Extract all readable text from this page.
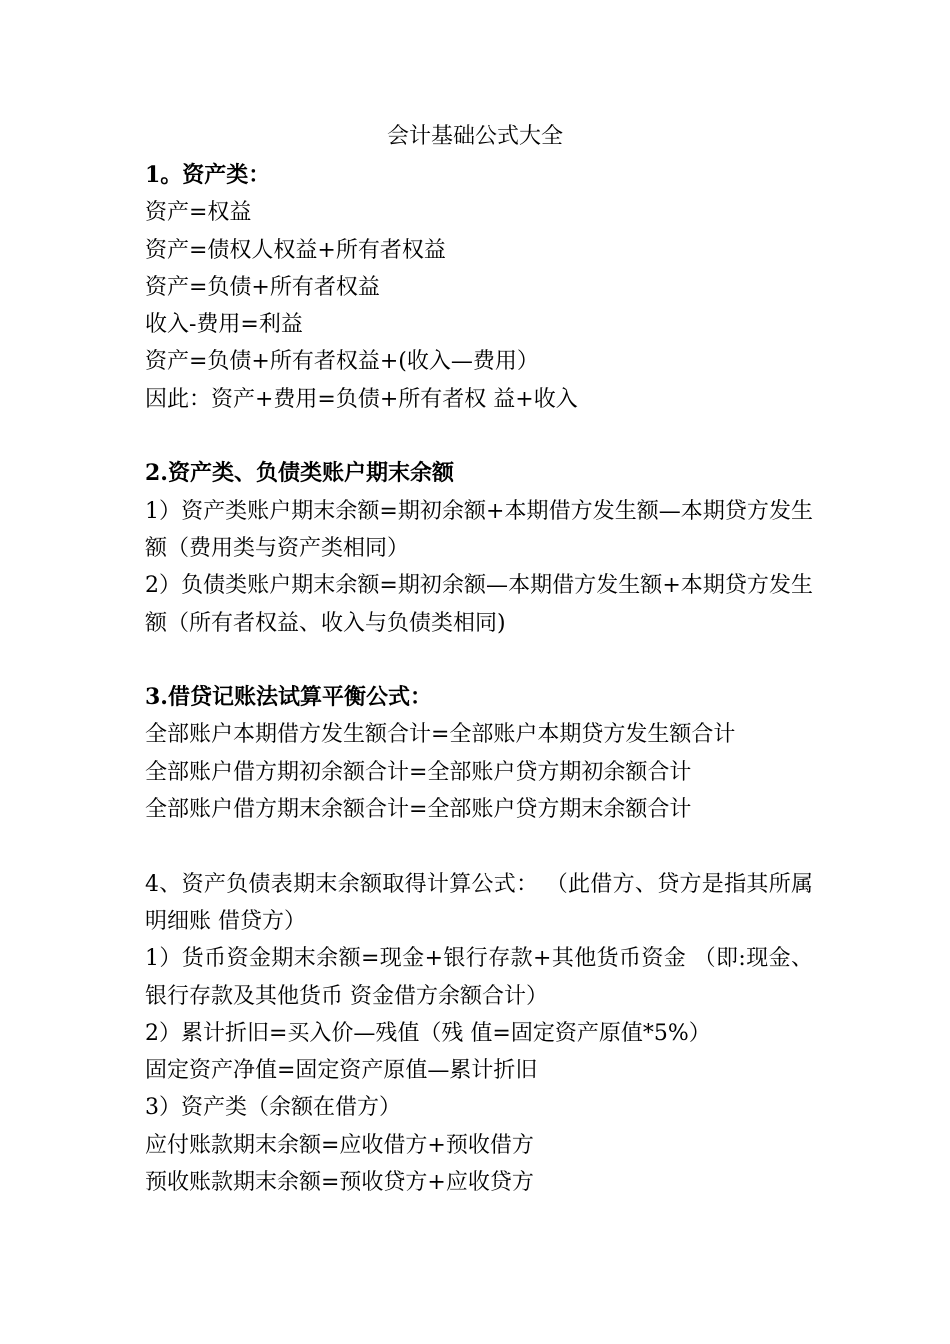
会计基础公式大全
1。资产类：
资产=权益
资产=债权人权益+所有者权益
资产=负债+所有者权益
收入-费用=利益
资产=负债+所有者权益+(收入—费用）
因此：资产+费用=负债+所有者权 益+收入
2.资产类、负债类账户期末余额
1）资产类账户期末余额=期初余额+本期借方发生额—本期贷方发生额（费用类与资产类相同）
2）负债类账户期末余额=期初余额—本期借方发生额+本期贷方发生额（所有者权益、收入与负债类相同)
3.借贷记账法试算平衡公式：
全部账户本期借方发生额合计=全部账户本期贷方发生额合计
全部账户借方期初余额合计=全部账户贷方期初余额合计
全部账户借方期末余额合计=全部账户贷方期末余额合计
4、资产负债表期末余额取得计算公式： （此借方、贷方是指其所属明细账 借贷方）
1）货币资金期末余额=现金+银行存款+其他货币资金 （即:现金、银行存款及其他货币 资金借方余额合计）
2）累计折旧=买入价—残值（残 值=固定资产原值*5%）
固定资产净值=固定资产原值—累计折旧
3）资产类（余额在借方）
应付账款期末余额=应收借方+预收借方
预收账款期末余额=预收贷方+应收贷方
